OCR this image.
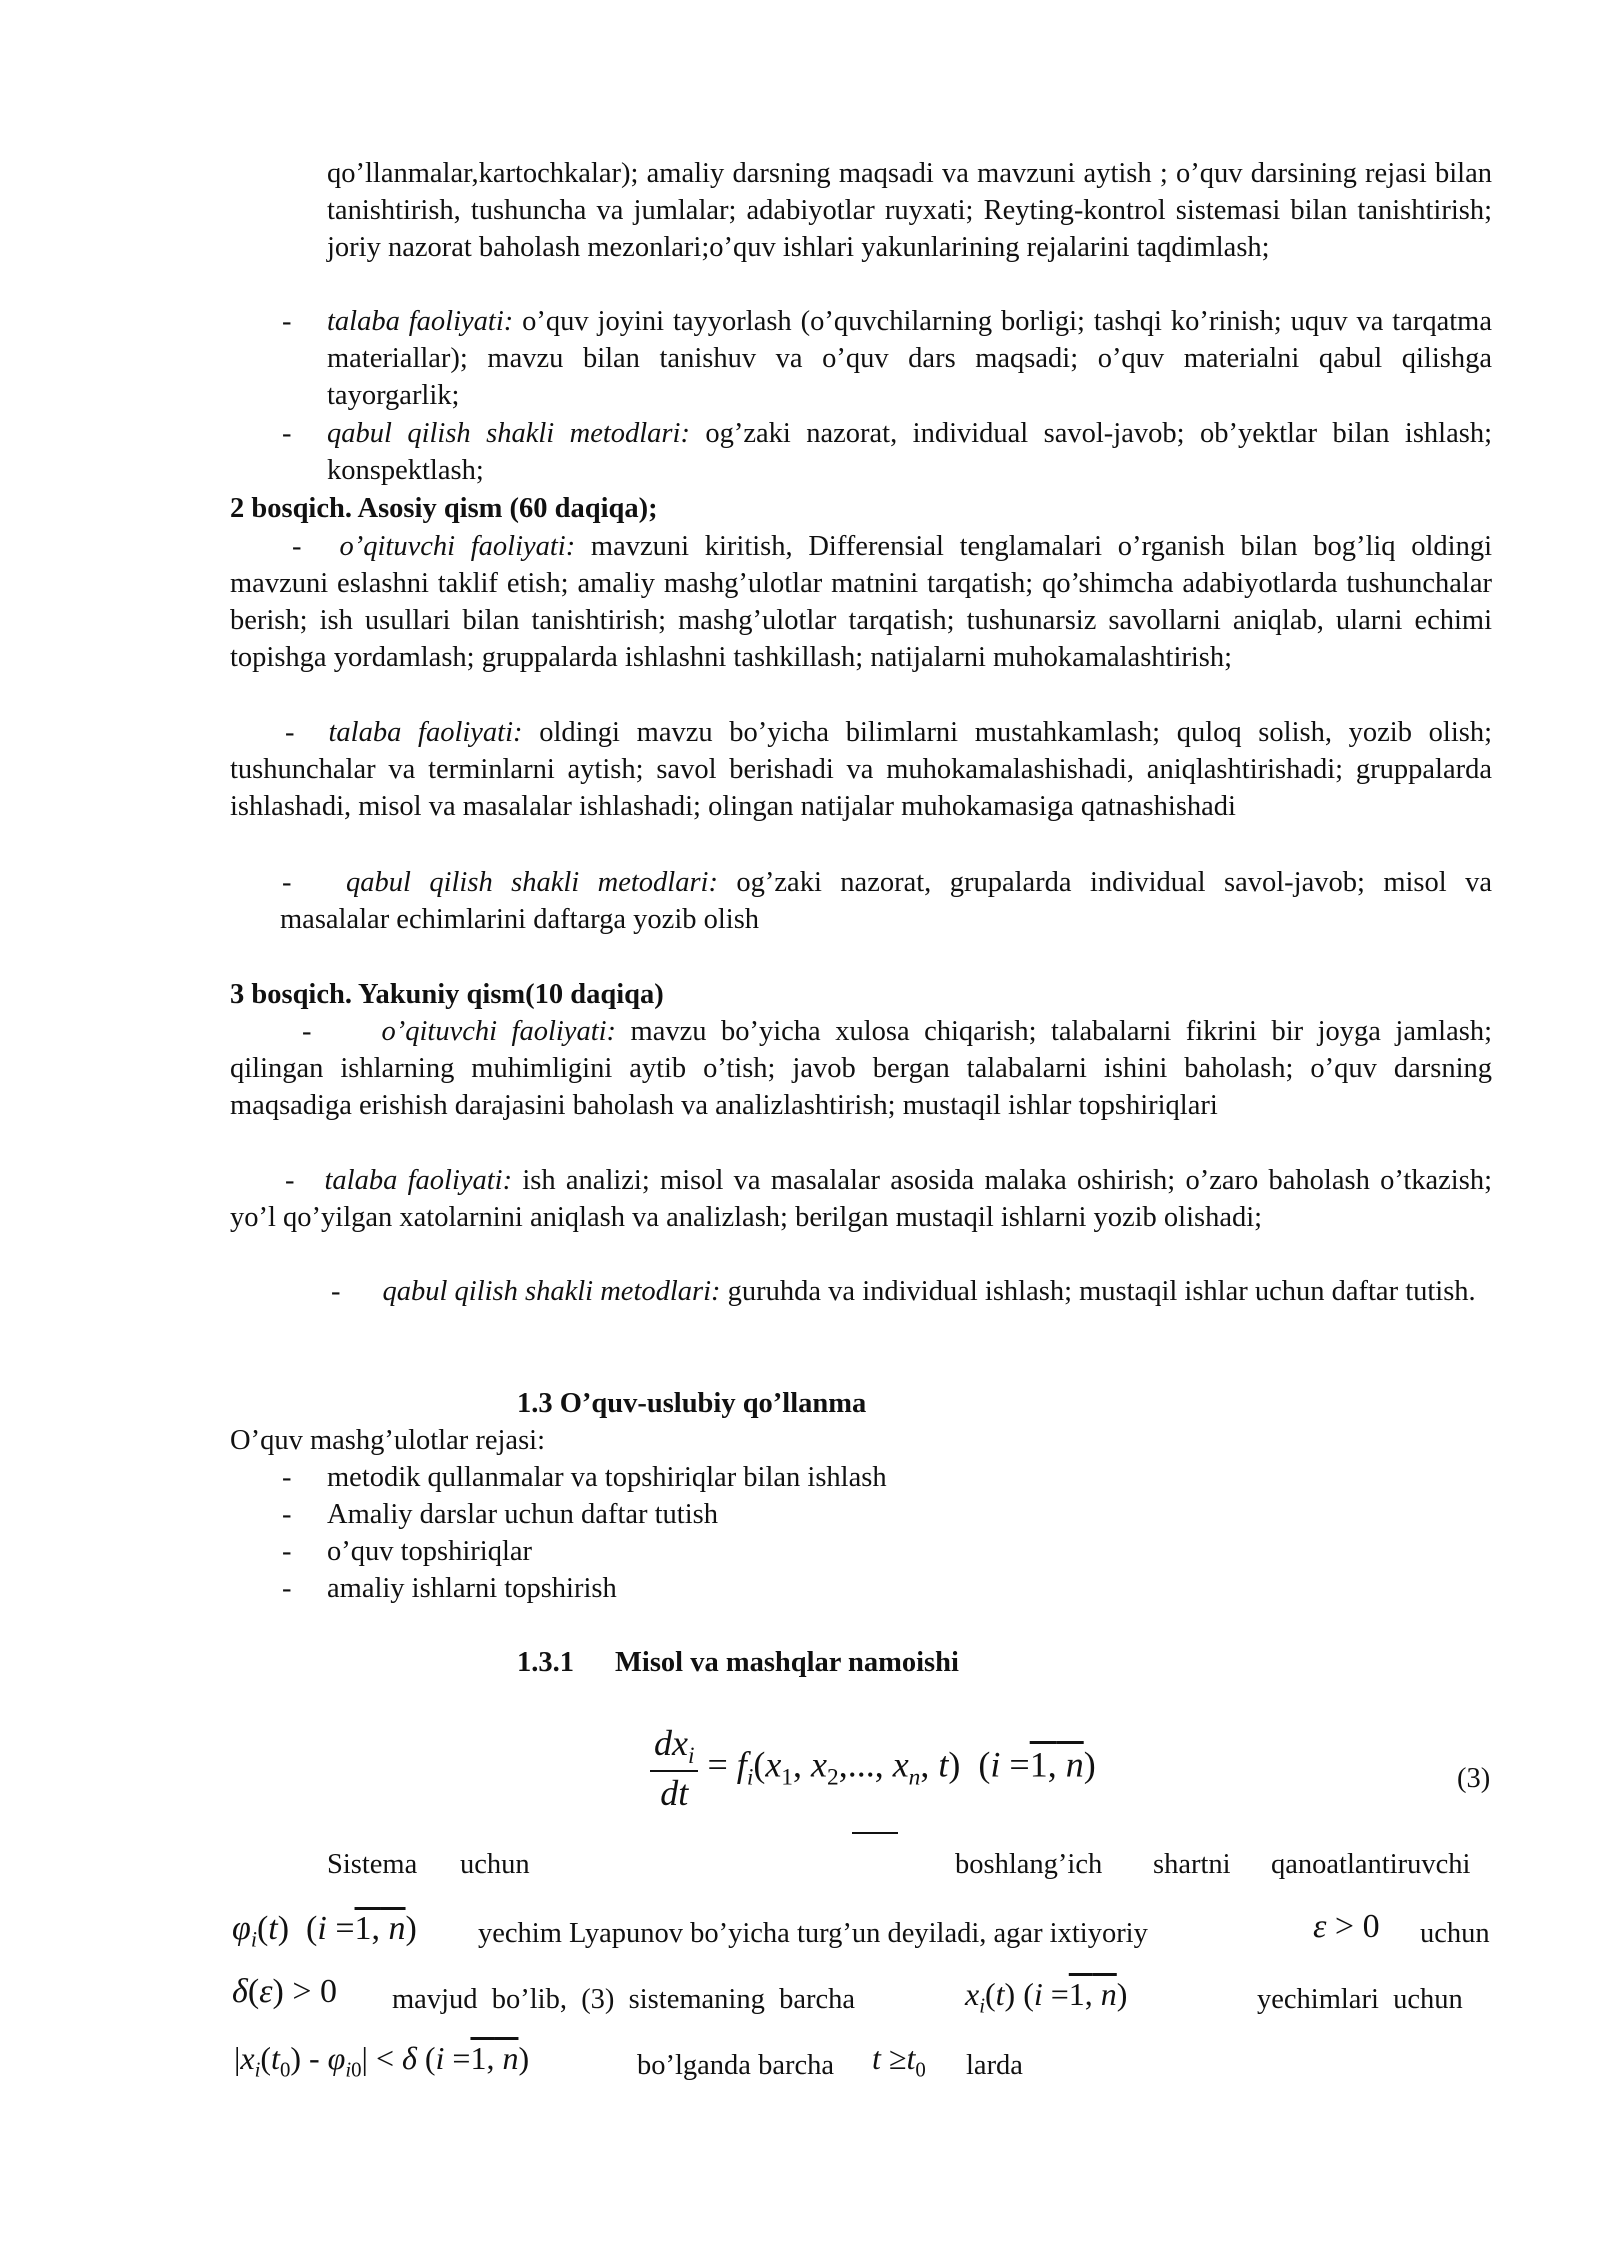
qo’llanmalar,kartochkalar); amaliy darsning maqsadi va mavzuni aytish ; o’quv darsining rejasi bilan tanishtirish, tushuncha va jumlalar; adabiyotlar ruyxati; Reyting-kontrol sistemasi bilan tanishtirish; joriy nazorat baholash mezonlari;o’quv ishlari yakunlarining rejalarini taqdimlash;
- talaba faoliyati: o’quv joyini tayyorlash (o’quvchilarning borligi; tashqi ko’rinish; uquv va tarqatma materiallar); mavzu bilan tanishuv va o’quv dars maqsadi; o’quv materialni qabul qilishga tayorgarlik;
- qabul qilish shakli metodlari: og’zaki nazorat, individual savol-javob; ob’yektlar bilan ishlash; konspektlash;
2 bosqich. Asosiy qism (60 daqiqa);
- o’qituvchi faoliyati: mavzuni kiritish, Differensial tenglamalari o’rganish bilan bog’liq oldingi mavzuni eslashni taklif etish; amaliy mashg’ulotlar matnini tarqatish; qo’shimcha adabiyotlarda tushunchalar berish; ish usullari bilan tanishtirish; mashg’ulotlar tarqatish; tushunarsiz savollarni aniqlab, ularni echimi topishga yordamlash; gruppalarda ishlashni tashkillash; natijalarni muhokamalashtirish;
- talaba faoliyati: oldingi mavzu bo’yicha bilimlarni mustahkamlash; quloq solish, yozib olish; tushunchalar va terminlarni aytish; savol berishadi va muhokamalashishadi, aniqlashtirishadi; gruppalarda ishlashadi, misol va masalalar ishlashadi; olingan natijalar muhokamasiga qatnashishadi
-	qabul qilish shakli metodlari: og’zaki nazorat, grupalarda individual savol-javob; misol va masalalar echimlarini daftarga yozib olish
3 bosqich. Yakuniy qism(10 daqiqa)
- o’qituvchi faoliyati: mavzu bo’yicha xulosa chiqarish; talabalarni fikrini bir joyga jamlash; qilingan ishlarning muhimligini aytib o’tish; javob bergan talabalarni ishini baholash; o’quv darsning maqsadiga erishish darajasini baholash va analizlashtirish; mustaqil ishlar topshiriqlari
- talaba faoliyati: ish analizi; misol va masalalar asosida malaka oshirish; o’zaro baholash o’tkazish; yo’l qo’yilgan xatolarnini aniqlash va analizlash; berilgan mustaqil ishlarni yozib olishadi;
- qabul qilish shakli metodlari: guruhda va individual ishlash; mustaqil ishlar uchun daftar tutish.
1.3 O’quv-uslubiy qo’llanma
O’quv mashg’ulotlar rejasi:
- metodik qullanmalar va topshiriqlar bilan ishlash
- Amaliy darslar uchun daftar tutish
- o’quv topshiriqlar
- amaliy ishlarni topshirish
1.3.1 Misol va mashqlar namoishi
$\frac{dx_i}{dt} = f_i(x_1$, $x_2$,..., $x_n$, t)  (i =1, n)	(3)
Sistema uchun	boshlang’ich shartni qanoatlantiruvchi
$\varphi_i(t)$  (i =1, n) yechim Lyapunov bo’yicha turg’un deyiladi, agar ixtiyoriy	ε > 0 uchun
δ(ε) > 0 mavjud  bo’lib,  (3)  sistemaning  barcha	$x_i(t)$ (i =1, n)	yechimlari  uchun
$|x_i(t_0) - \varphi_{i0}| < \delta$ (i =1, n)	bo’lganda barcha $t \ge t_0$ larda
